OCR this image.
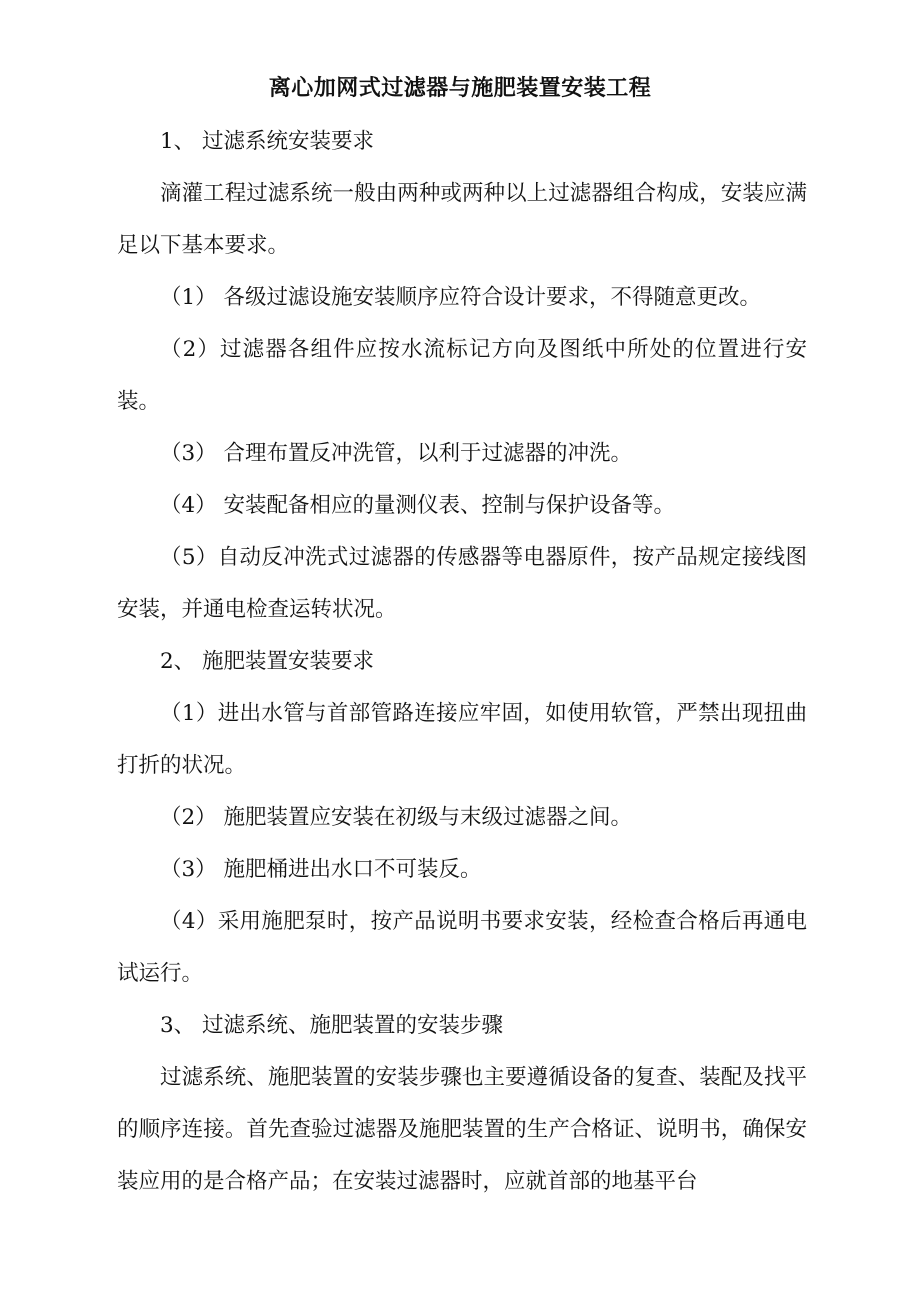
离心加网式过滤器与施肥装置安装工程

1、 过滤系统安装要求

滴灌工程过滤系统一般由两种或两种以上过滤器组合构成，安装应满足以下基本要求。

（1） 各级过滤设施安装顺序应符合设计要求，不得随意更改。

（2）过滤器各组件应按水流标记方向及图纸中所处的位置进行安装。

（3） 合理布置反冲洗管，以利于过滤器的冲洗。

（4） 安装配备相应的量测仪表、控制与保护设备等。

（5）自动反冲洗式过滤器的传感器等电器原件，按产品规定接线图安装，并通电检查运转状况。

2、 施肥装置安装要求

（1）进出水管与首部管路连接应牢固，如使用软管，严禁出现扭曲打折的状况。

（2） 施肥装置应安装在初级与末级过滤器之间。

（3） 施肥桶进出水口不可装反。

（4）采用施肥泵时，按产品说明书要求安装，经检查合格后再通电试运行。

3、 过滤系统、施肥装置的安装步骤

过滤系统、施肥装置的安装步骤也主要遵循设备的复查、装配及找平的顺序连接。首先查验过滤器及施肥装置的生产合格证、说明书，确保安装应用的是合格产品；在安装过滤器时，应就首部的地基平台
